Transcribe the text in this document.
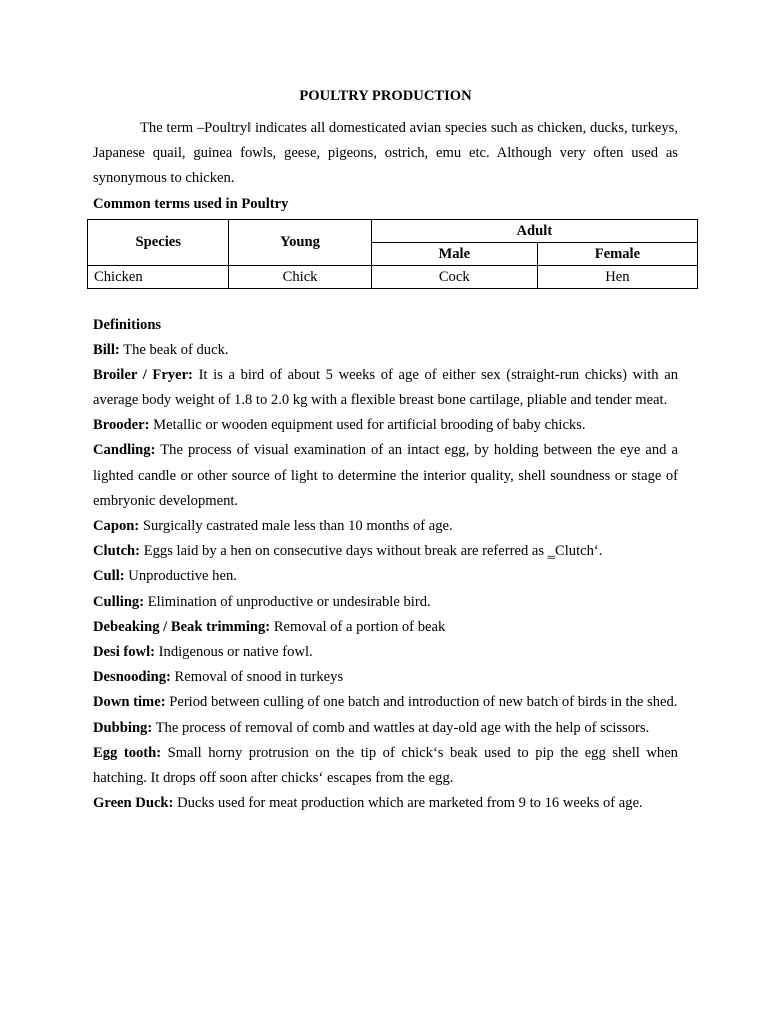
POULTRY PRODUCTION

The term –Poultry‖ indicates all domesticated avian species such as chicken, ducks, turkeys, Japanese quail, guinea fowls, geese, pigeons, ostrich, emu etc. Although very often used as synonymous to chicken.

Common terms used in Poultry

Species	Young	Adult	
		Male	Female
Chicken	Chick	Cock	Hen

Definitions

Bill: The beak of duck.

Broiler / Fryer: It is a bird of about 5 weeks of age of either sex (straight-run chicks) with an average body weight of 1.8 to 2.0 kg with a flexible breast bone cartilage, pliable and tender meat.

Brooder: Metallic or wooden equipment used for artificial brooding of baby chicks.

Candling: The process of visual examination of an intact egg, by holding between the eye and a lighted candle or other source of light to determine the interior quality, shell soundness or stage of embryonic development.

Capon: Surgically castrated male less than 10 months of age.

Clutch: Eggs laid by a hen on consecutive days without break are referred as ‗Clutch‘.

Cull: Unproductive hen.

Culling: Elimination of unproductive or undesirable bird.

Debeaking / Beak trimming: Removal of a portion of beak

Desi fowl: Indigenous or native fowl.

Desnooding: Removal of snood in turkeys

Down time: Period between culling of one batch and introduction of new batch of birds in the shed.

Dubbing: The process of removal of comb and wattles at day-old age with the help of scissors.

Egg tooth: Small horny protrusion on the tip of chick‘s beak used to pip the egg shell when hatching. It drops off soon after chicks‘ escapes from the egg.

Green Duck: Ducks used for meat production which are marketed from 9 to 16 weeks of age.
